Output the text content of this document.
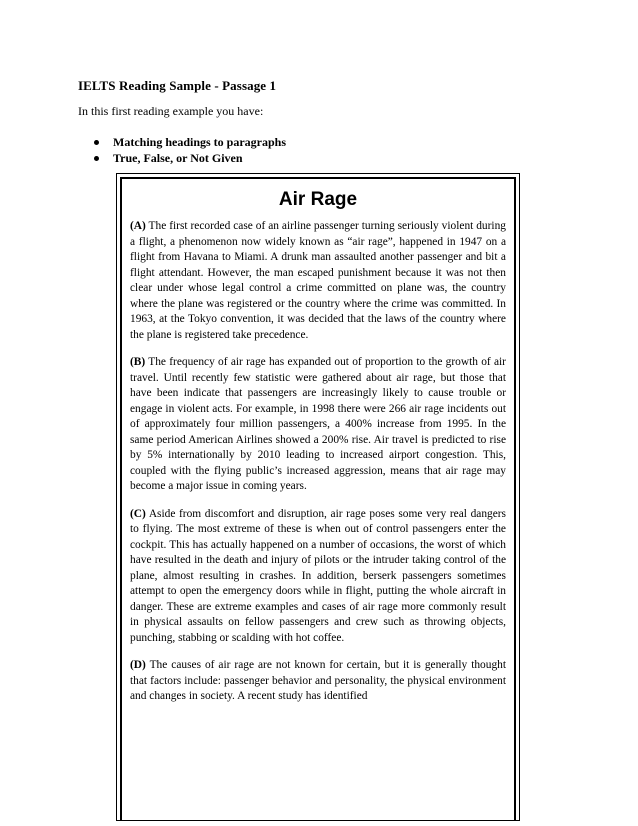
IELTS Reading Sample - Passage 1

In this first reading example you have:

Matching headings to paragraphs
True, False, or Not Given
Air Rage

(A) The first recorded case of an airline passenger turning seriously violent during a flight, a phenomenon now widely known as “air rage”, happened in 1947 on a flight from Havana to Miami. A drunk man assaulted another passenger and bit a flight attendant. However, the man escaped punishment because it was not then clear under whose legal control a crime committed on plane was, the country where the plane was registered or the country where the crime was committed. In 1963, at the Tokyo convention, it was decided that the laws of the country where the plane is registered take precedence.

(B) The frequency of air rage has expanded out of proportion to the growth of air travel. Until recently few statistic were gathered about air rage, but those that have been indicate that passengers are increasingly likely to cause trouble or engage in violent acts. For example, in 1998 there were 266 air rage incidents out of approximately four million passengers, a 400% increase from 1995. In the same period American Airlines showed a 200% rise. Air travel is predicted to rise by 5% internationally by 2010 leading to increased airport congestion. This, coupled with the flying public’s increased aggression, means that air rage may become a major issue in coming years.

(C) Aside from discomfort and disruption, air rage poses some very real dangers to flying. The most extreme of these is when out of control passengers enter the cockpit. This has actually happened on a number of occasions, the worst of which have resulted in the death and injury of pilots or the intruder taking control of the plane, almost resulting in crashes. In addition, berserk passengers sometimes attempt to open the emergency doors while in flight, putting the whole aircraft in danger. These are extreme examples and cases of air rage more commonly result in physical assaults on fellow passengers and crew such as throwing objects, punching, stabbing or scalding with hot coffee.

(D) The causes of air rage are not known for certain, but it is generally thought that factors include: passenger behavior and personality, the physical environment and changes in society. A recent study has identified
